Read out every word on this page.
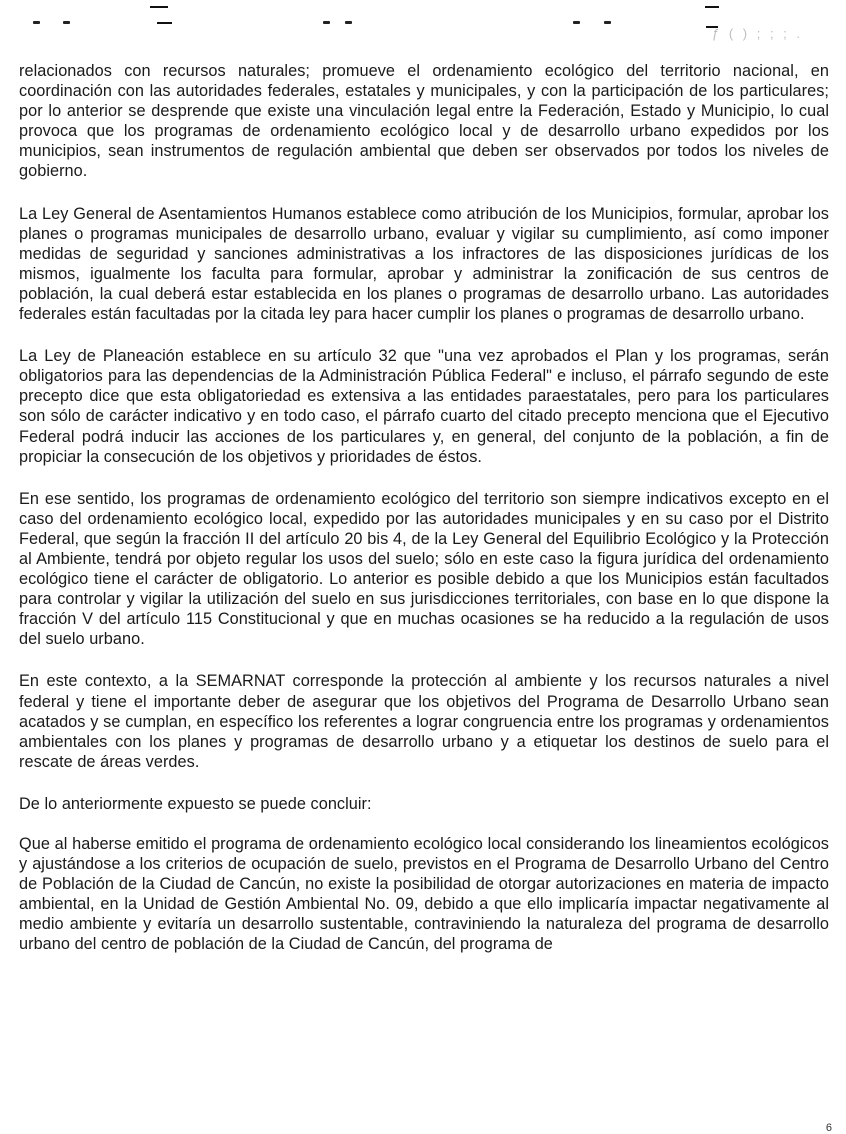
ƒ ( ) ; ; ; .

relacionados con recursos naturales; promueve el ordenamiento ecológico del territorio nacional, en coordinación con las autoridades federales, estatales y municipales, y con la participación de los particulares; por lo anterior se desprende que existe una vinculación legal entre la Federación, Estado y Municipio, lo cual provoca que los programas de ordenamiento ecológico local y de desarrollo urbano expedidos por los municipios, sean instrumentos de regulación ambiental que deben ser observados por todos los niveles de gobierno.

La Ley General de Asentamientos Humanos establece como atribución de los Municipios, formular, aprobar los planes o programas municipales de desarrollo urbano, evaluar y vigilar su cumplimiento, así como imponer medidas de seguridad y sanciones administrativas a los infractores de las disposiciones jurídicas de los mismos, igualmente los faculta para formular, aprobar y administrar la zonificación de sus centros de población, la cual deberá estar establecida en los planes o programas de desarrollo urbano. Las autoridades federales están facultadas por la citada ley para hacer cumplir los planes o programas de desarrollo urbano.

La Ley de Planeación establece en su artículo 32 que "una vez aprobados el Plan y los programas, serán obligatorios para las dependencias de la Administración Pública Federal" e incluso, el párrafo segundo de este precepto dice que esta obligatoriedad es extensiva a las entidades paraestatales, pero para los particulares son sólo de carácter indicativo y en todo caso, el párrafo cuarto del citado precepto menciona que el Ejecutivo Federal podrá inducir las acciones de los particulares y, en general, del conjunto de la población, a fin de propiciar la consecución de los objetivos y prioridades de éstos.

En ese sentido, los programas de ordenamiento ecológico del territorio son siempre indicativos excepto en el caso del ordenamiento ecológico local, expedido por las autoridades municipales y en su caso por el Distrito Federal, que según la fracción II del artículo 20 bis 4, de la Ley General del Equilibrio Ecológico y la Protección al Ambiente, tendrá por objeto regular los usos del suelo; sólo en este caso la figura jurídica del ordenamiento ecológico tiene el carácter de obligatorio. Lo anterior es posible debido a que los Municipios están facultados para controlar y vigilar la utilización del suelo en sus jurisdicciones territoriales, con base en lo que dispone la fracción V del artículo 115 Constitucional y que en muchas ocasiones se ha reducido a la regulación de usos del suelo urbano.

En este contexto, a la SEMARNAT corresponde la protección al ambiente y los recursos naturales a nivel federal y tiene el importante deber de asegurar que los objetivos del Programa de Desarrollo Urbano sean acatados y se cumplan, en específico los referentes a lograr congruencia entre los programas y ordenamientos ambientales con los planes y programas de desarrollo urbano y a etiquetar los destinos de suelo para el rescate de áreas verdes.

De lo anteriormente expuesto se puede concluir:

Que al haberse emitido el programa de ordenamiento ecológico local considerando los lineamientos ecológicos y ajustándose a los criterios de ocupación de suelo, previstos en el Programa de Desarrollo Urbano del Centro de Población de la Ciudad de Cancún, no existe la posibilidad de otorgar autorizaciones en materia de impacto ambiental, en la Unidad de Gestión Ambiental No. 09, debido a que ello implicaría impactar negativamente al medio ambiente y evitaría un desarrollo sustentable, contraviniendo la naturaleza del programa de desarrollo urbano del centro de población de la Ciudad de Cancún, del programa de

6
